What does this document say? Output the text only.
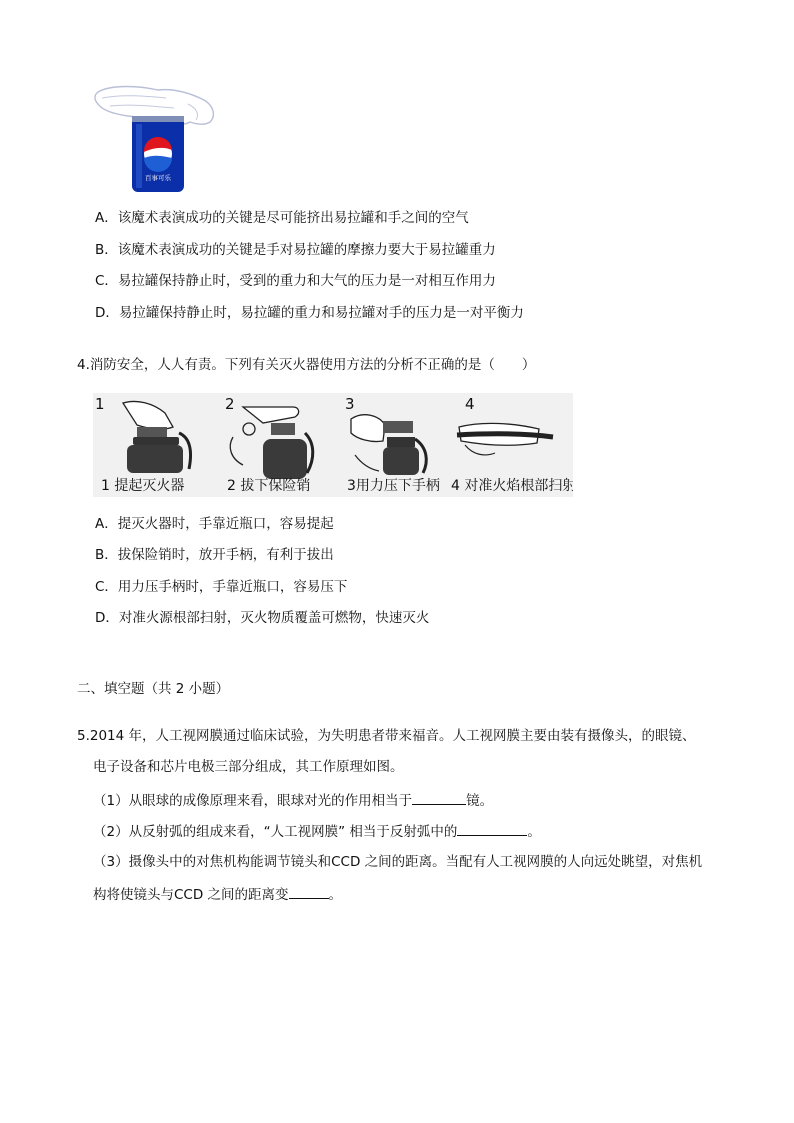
百事可乐
A．该魔术表演成功的关键是尽可能挤出易拉罐和手之间的空气
B．该魔术表演成功的关键是手对易拉罐的摩擦力要大于易拉罐重力
C．易拉罐保持静止时，受到的重力和大气的压力是一对相互作用力
D．易拉罐保持静止时，易拉罐的重力和易拉罐对手的压力是一对平衡力
4.消防安全，人人有责。下列有关灭火器使用方法的分析不正确的是（　　）
1
1 提起灭火器
2
2 拔下保险销
3
3用力压下手柄
4
4 对准火焰根部扫射
A．提灭火器时，手靠近瓶口，容易提起
B．拔保险销时，放开手柄，有利于拔出
C．用力压手柄时，手靠近瓶口，容易压下
D．对准火源根部扫射，灭火物质覆盖可燃物，快速灭火
二、填空题（共 2 小题）
5.2014 年，人工视网膜通过临床试验，为失明患者带来福音。人工视网膜主要由装有摄像头，的眼镜、
电子设备和芯片电极三部分组成，其工作原理如图。
（1）从眼球的成像原理来看，眼球对光的作用相当于	镜。
（2）从反射弧的组成来看，“人工视网膜” 相当于反射弧中的	。
（3）摄像头中的对焦机构能调节镜头和CCD 之间的距离。当配有人工视网膜的人向远处眺望，对焦机
构将使镜头与CCD 之间的距离变	。
